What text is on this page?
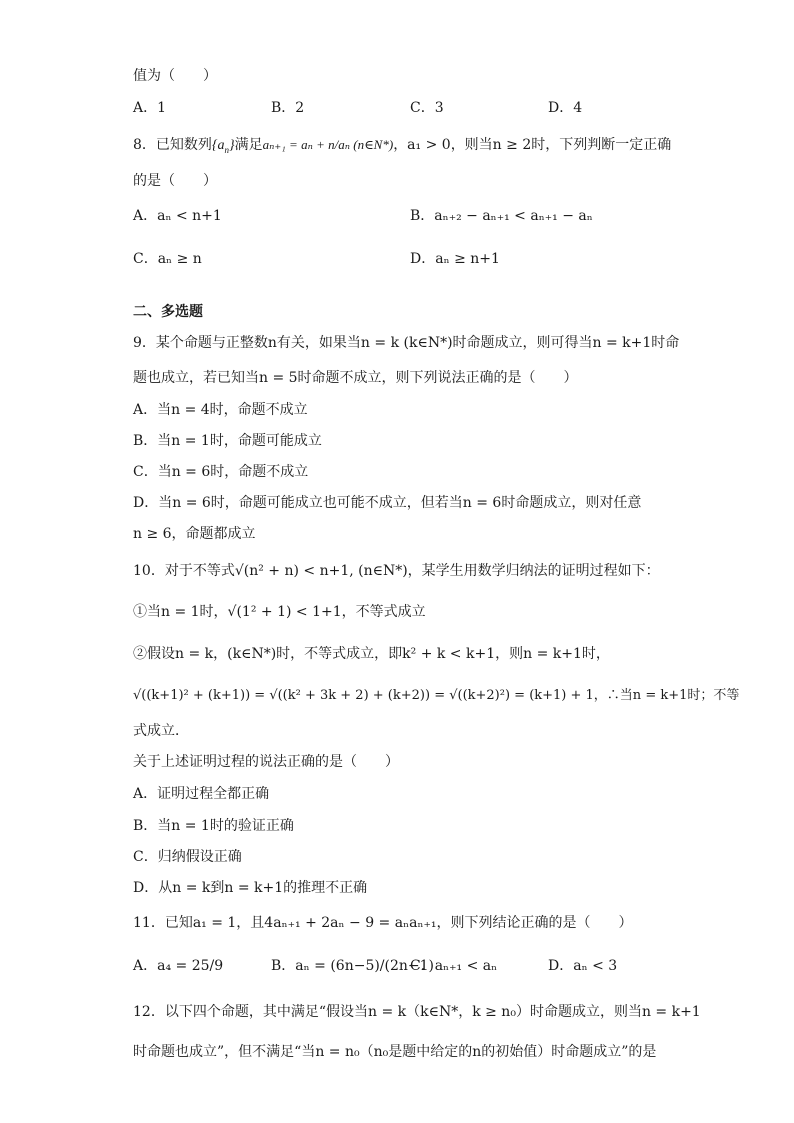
值为（　　）
A．1	B．2	C．3	D．4
8．已知数列$\{a_n\}$满足aₙ₊₁ = aₙ + n/aₙ (n∈N*)，a₁ > 0，则当n ≥ 2时，下列判断一定正确
的是（　　）
A．aₙ < n+1	B．aₙ₊₂ − aₙ₊₁ < aₙ₊₁ − aₙ
C．aₙ ≥ n	D．aₙ ≥ n+1
二、多选题
9．某个命题与正整数n有关，如果当n = k (k∈N*)时命题成立，则可得当n = k+1时命
题也成立，若已知当n = 5时命题不成立，则下列说法正确的是（　　）
A．当n = 4时，命题不成立
B．当n = 1时，命题可能成立
C．当n = 6时，命题不成立
D．当n = 6时，命题可能成立也可能不成立，但若当n = 6时命题成立，则对任意
n ≥ 6，命题都成立
10．对于不等式√(n² + n) < n+1, (n∈N*)，某学生用数学归纳法的证明过程如下：
①当n = 1时，√(1² + 1) < 1+1，不等式成立
②假设n = k，(k∈N*)时，不等式成立，即k² + k < k+1，则n = k+1时，
√((k+1)² + (k+1)) = √((k² + 3k + 2) + (k+2)) = √((k+2)²) = (k+1) + 1，∴当n = k+1时；不等
式成立．
关于上述证明过程的说法正确的是（　　）
A．证明过程全都正确
B．当n = 1时的验证正确
C．归纳假设正确
D．从n = k到n = k+1的推理不正确
11．已知a₁ = 1，且4aₙ₊₁ + 2aₙ − 9 = aₙaₙ₊₁，则下列结论正确的是（　　）
A．a₄ = 25/9	B．aₙ = (6n−5)/(2n−1)
C．aₙ₊₁ < aₙ	D．aₙ < 3
12．以下四个命题，其中满足“假设当n = k（k∈N*，k ≥ n₀）时命题成立，则当n = k+1
时命题也成立”，但不满足“当n = n₀（n₀是题中给定的n的初始值）时命题成立”的是
